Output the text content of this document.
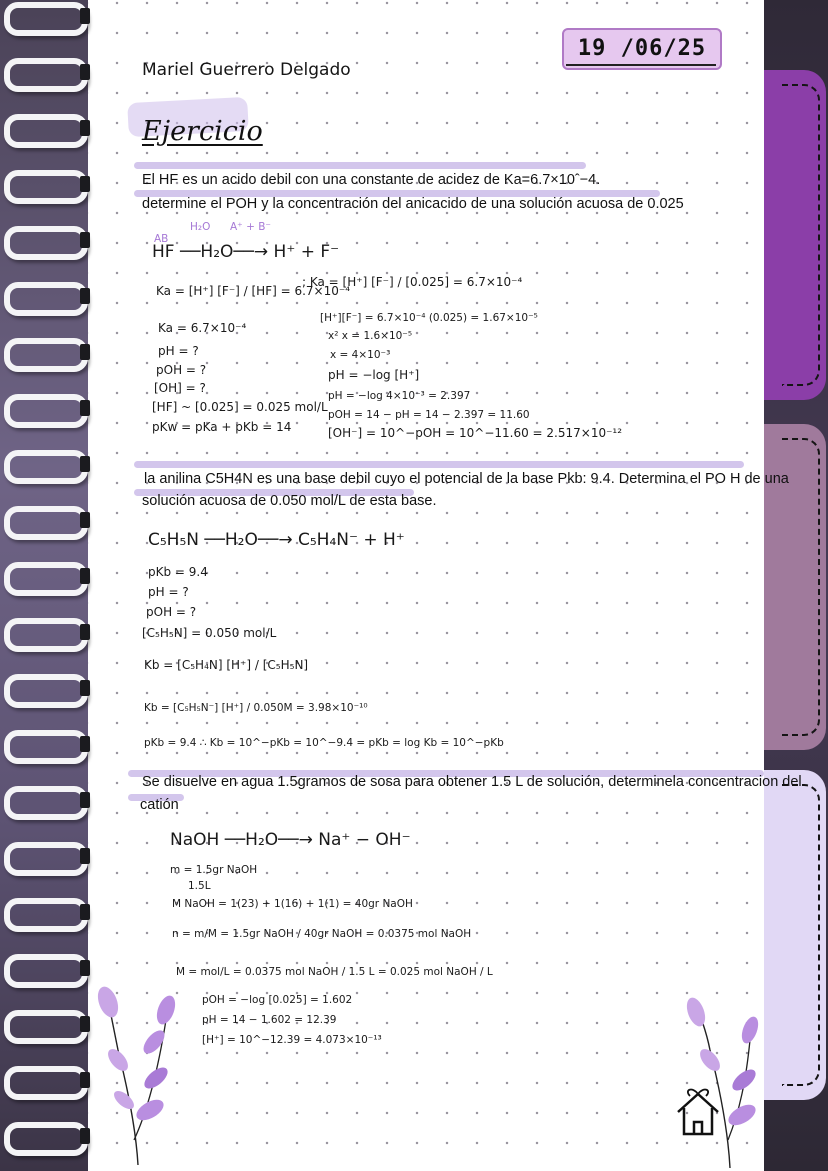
19 /06/25
Mariel Guerrero Delgado
Ejercicio
El HF es un acido debil con una constante de acidez de Ka=6.7×10ˆ−4.
determine el POH y la concentración del anicacido de una solución acuosa de 0.025
H₂O A⁺ + B⁻
AB
HF ──H₂O──→ H⁺ + F⁻
Ka = [H⁺] [F⁻] / [HF] = 6.7×10⁻⁴
; Ka = [H⁺] [F⁻] / [0.025] = 6.7×10⁻⁴
Ka = 6.7×10⁻⁴
pH = ?
pOH = ?
[OH] = ?
[HF] ~ [0.025] = 0.025 mol/L
pKw = pKa + pKb = 14
[H⁺][F⁻] = 6.7×10⁻⁴ (0.025) = 1.67×10⁻⁵
x² x = 1.6×10⁻⁵
x = 4×10⁻³
pH = −log [H⁺]
pH = −log 4×10⁻³ = 2.397
pOH = 14 − pH = 14 − 2.397 = 11.60
[OH⁻] = 10^−pOH = 10^−11.60 = 2.517×10⁻¹²
la anilina C5H4N es una base debil cuyo el potencial de la base Pkb: 9.4. Determina el PO H de una
solución acuosa de 0.050 mol/L de esta base.
C₅H₅N ──H₂O──→ C₅H₄N⁻ + H⁺
pKb = 9.4
pH = ?
pOH = ?
[C₅H₅N] = 0.050 mol/L
Kb = [C₅H₄N] [H⁺] / [C₅H₅N]
Kb = [C₅H₅N⁻] [H⁺] / 0.050M = 3.98×10⁻¹⁰
pKb = 9.4 ∴ Kb = 10^−pKb = 10^−9.4 = pKb = log Kb = 10^−pKb
Se disuelve en agua 1.5gramos de sosa para obtener 1.5 L de solución, determinela concentracion del
catión
NaOH ──H₂O──→ Na⁺ − OH⁻
m = 1.5gr NaOH
1.5L
M NaOH = 1(23) + 1(16) + 1(1) = 40gr NaOH
n = m/M = 1.5gr NaOH / 40gr NaOH = 0.0375 mol NaOH
M = mol/L = 0.0375 mol NaOH / 1.5 L = 0.025 mol NaOH / L
pOH = −log [0.025] = 1.602
pH = 14 − 1.602 = 12.39
[H⁺] = 10^−12.39 = 4.073×10⁻¹³
